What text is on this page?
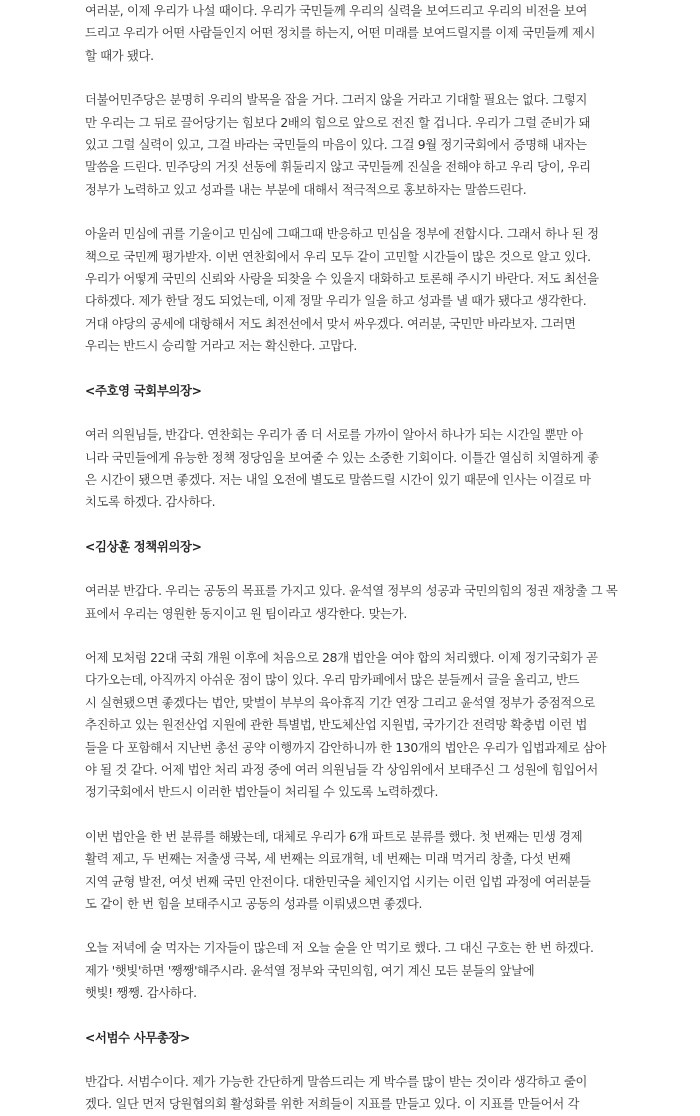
여러분, 이제 우리가 나설 때이다. 우리가 국민들께 우리의 실력을 보여드리고 우리의 비전을 보여
드리고 우리가 어떤 사람들인지 어떤 정치를 하는지, 어떤 미래를 보여드릴지를 이제 국민들께 제시
할 때가 됐다.
더불어민주당은 분명히 우리의 발목을 잡을 거다. 그러지 않을 거라고 기대할 필요는 없다. 그렇지
만 우리는 그 뒤로 끌어당기는 힘보다 2배의 힘으로 앞으로 전진 할 겁니다. 우리가 그럴 준비가 돼
있고 그럴 실력이 있고, 그걸 바라는 국민들의 마음이 있다. 그걸 9월 정기국회에서 증명해 내자는
말씀을 드린다. 민주당의 거짓 선동에 휘둘리지 않고 국민들께 진실을 전해야 하고 우리 당이, 우리
정부가 노력하고 있고 성과를 내는 부분에 대해서 적극적으로 홍보하자는 말씀드린다.
아울러 민심에 귀를 기울이고 민심에 그때그때 반응하고 민심을 정부에 전합시다. 그래서 하나 된 정
책으로 국민께 평가받자. 이번 연찬회에서 우리 모두 같이 고민할 시간들이 많은 것으로 알고 있다.
우리가 어떻게 국민의 신뢰와 사랑을 되찾을 수 있을지 대화하고 토론해 주시기 바란다. 저도 최선을
다하겠다. 제가 한달 정도 되었는데, 이제 정말 우리가 일을 하고 성과를 낼 때가 됐다고 생각한다.
거대 야당의 공세에 대항해서 저도 최전선에서 맞서 싸우겠다. 여러분, 국민만 바라보자. 그러면
우리는 반드시 승리할 거라고 저는 확신한다. 고맙다.
<주호영 국회부의장>
여러 의원님들, 반갑다. 연찬회는 우리가 좀 더 서로를 가까이 알아서 하나가 되는 시간일 뿐만 아
니라 국민들에게 유능한 정책 정당임을 보여줄 수 있는 소중한 기회이다. 이틀간 열심히 치열하게 좋
은 시간이 됐으면 좋겠다. 저는 내일 오전에 별도로 말씀드릴 시간이 있기 때문에 인사는 이걸로 마
치도록 하겠다. 감사하다.
<김상훈 정책위의장>
여러분 반갑다. 우리는 공동의 목표를 가지고 있다. 윤석열 정부의 성공과 국민의힘의 정권 재창출 그 목
표에서 우리는 영원한 동지이고 원 팀이라고 생각한다. 맞는가.
어제 모처럼 22대 국회 개원 이후에 처음으로 28개 법안을 여야 합의 처리했다. 이제 정기국회가 곧
다가오는데, 아직까지 아쉬운 점이 많이 있다. 우리 맘카페에서 많은 분들께서 글을 올리고, 반드
시 실현됐으면 좋겠다는 법안, 맞벌이 부부의 육아휴직 기간 연장 그리고 윤석열 정부가 중점적으로
추진하고 있는 원전산업 지원에 관한 특별법, 반도체산업 지원법, 국가기간 전력망 확충법 이런 법
들을 다 포함해서 지난번 총선 공약 이행까지 감안하니까 한 130개의 법안은 우리가 입법과제로 삼아
야 될 것 같다. 어제 법안 처리 과정 중에 여러 의원님들 각 상임위에서 보태주신 그 성원에 힘입어서
정기국회에서 반드시 이러한 법안들이 처리될 수 있도록 노력하겠다.
이번 법안을 한 번 분류를 해봤는데, 대체로 우리가 6개 파트로 분류를 했다. 첫 번째는 민생 경제
활력 제고, 두 번째는 저출생 극복, 세 번째는 의료개혁, 네 번째는 미래 먹거리 창출, 다섯 번째
지역 균형 발전, 여섯 번째 국민 안전이다. 대한민국을 체인지업 시키는 이런 입법 과정에 여러분들
도 같이 한 번 힘을 보태주시고 공동의 성과를 이뤄냈으면 좋겠다.
오늘 저녁에 술 먹자는 기자들이 많은데 저 오늘 술을 안 먹기로 했다. 그 대신 구호는 한 번 하겠다.
제가 '햇빛'하면 '쨍쨍'해주시라. 윤석열 정부와 국민의힘, 여기 계신 모든 분들의 앞날에
햇빛! 쨍쨍. 감사하다.
<서범수 사무총장>
반갑다. 서범수이다. 제가 가능한 간단하게 말씀드리는 게 박수를 많이 받는 것이라 생각하고 줄이
겠다. 일단 먼저 당원협의회 활성화를 위한 저희들이 지표를 만들고 있다. 이 지표를 만들어서 각
